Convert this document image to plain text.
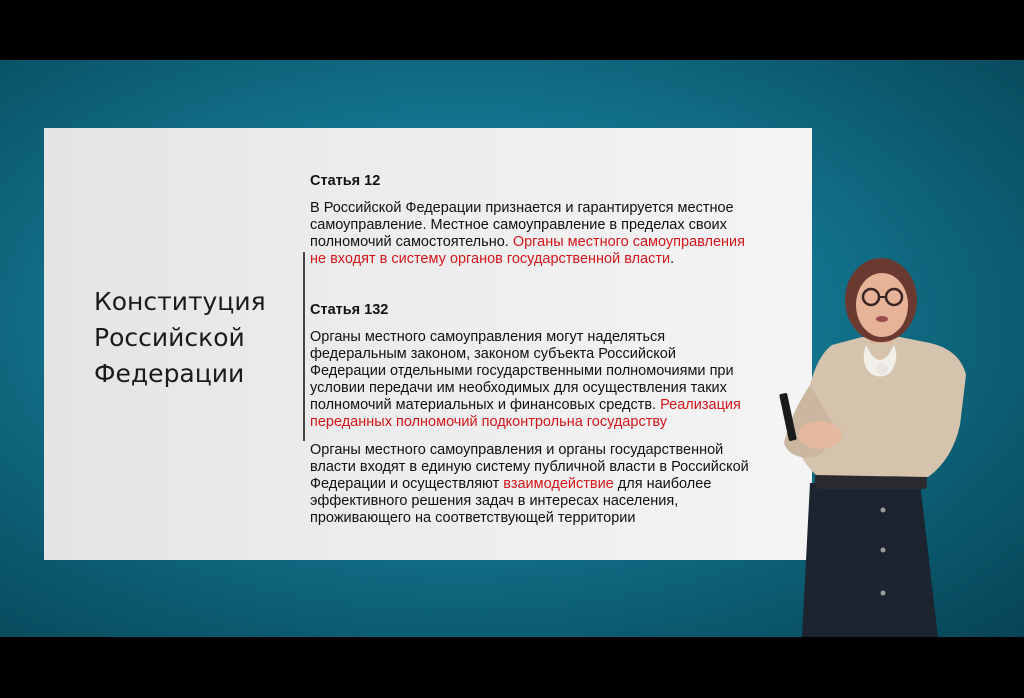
Конституция
Российской
Федерации
Статья 12
В Российской Федерации признается и гарантируется местное
самоуправление. Местное самоуправление в пределах своих
полномочий самостоятельно. Органы местного самоуправления
не входят в систему органов государственной власти.
Статья 132
Органы местного самоуправления могут наделяться
федеральным законом, законом субъекта Российской
Федерации отдельными государственными полномочиями при
условии передачи им необходимых для осуществления таких
полномочий материальных и финансовых средств. Реализация
переданных полномочий подконтрольна государству
Органы местного самоуправления и органы государственной
власти входят в единую систему публичной власти в Российской
Федерации и осуществляют взаимодействие для наиболее
эффективного решения задач в интересах населения,
проживающего на соответствующей территории
